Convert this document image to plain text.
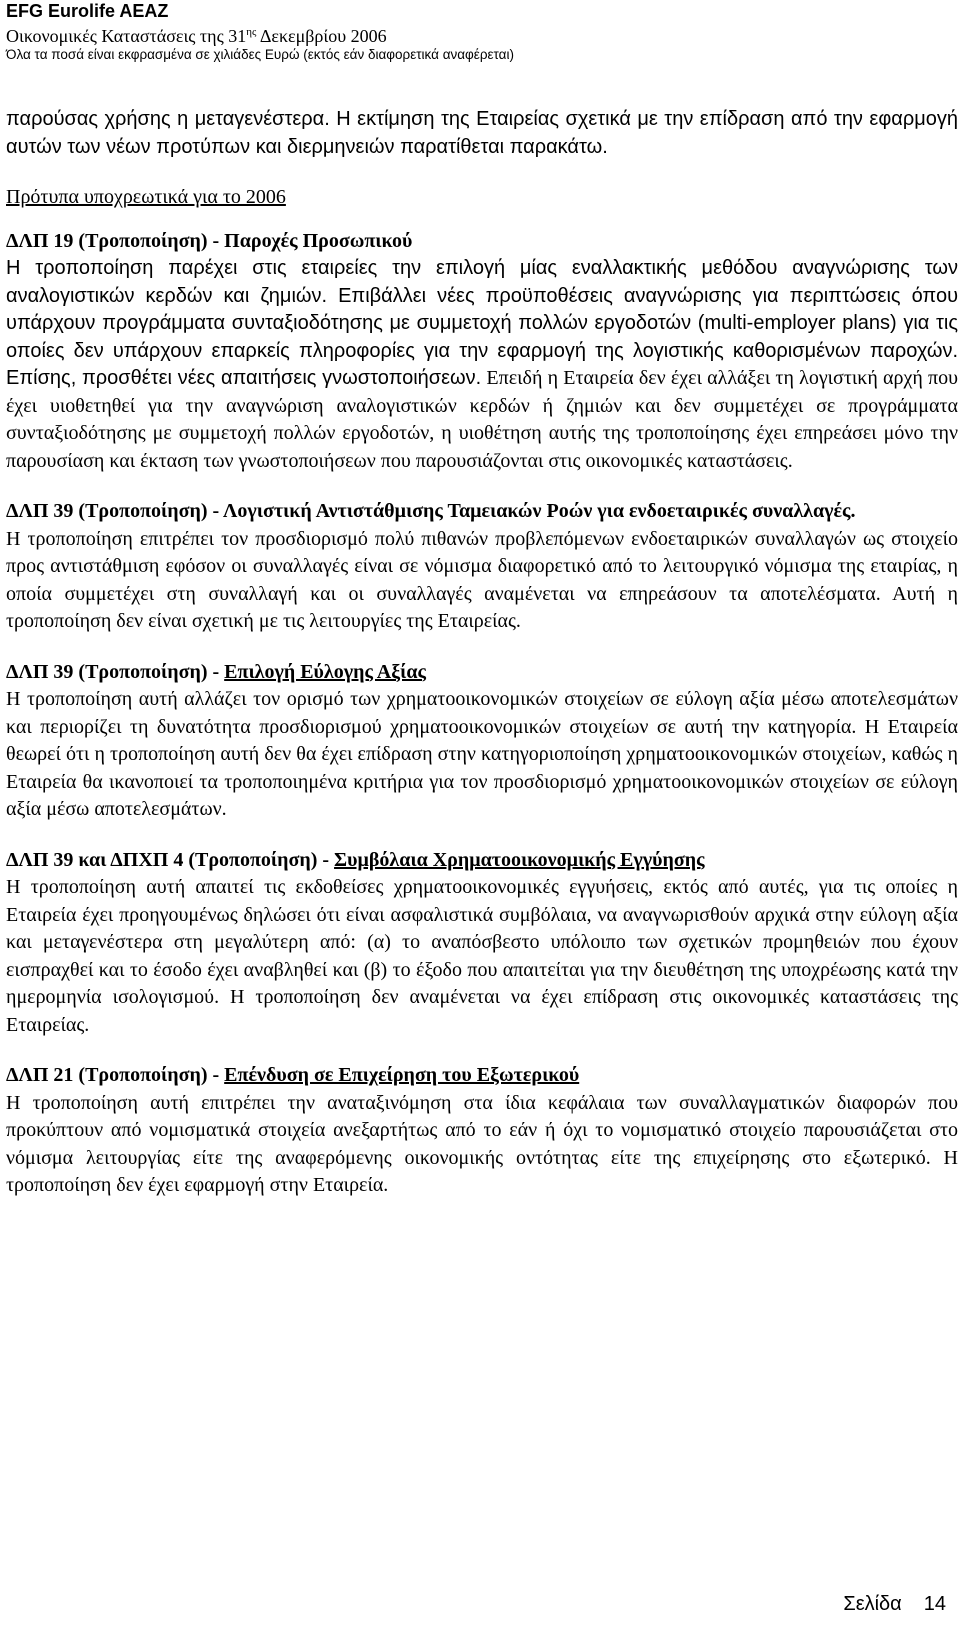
EFG Eurolife AEAZ
Οικονομικές Καταστάσεις της $31^{\eta\varsigma}$ Δεκεμβρίου 2006
Όλα τα ποσά είναι εκφρασμένα σε χιλιάδες Ευρώ (εκτός εάν διαφορετικά αναφέρεται)

παρούσας χρήσης η μεταγενέστερα. Η εκτίμηση της Εταιρείας σχετικά με την επίδραση από την εφαρμογή αυτών των νέων προτύπων και διερμηνειών παρατίθεται παρακάτω.

Πρότυπα υποχρεωτικά για το 2006

ΔΛΠ 19 (Τροποποίηση) - Παροχές Προσωπικού

Η τροποποίηση παρέχει στις εταιρείες την επιλογή μίας εναλλακτικής μεθόδου αναγνώρισης των αναλογιστικών κερδών και ζημιών. Επιβάλλει νέες προϋποθέσεις αναγνώρισης για περιπτώσεις όπου υπάρχουν προγράμματα συνταξιοδότησης με συμμετοχή πολλών εργοδοτών (multi-employer plans) για τις οποίες δεν υπάρχουν επαρκείς πληροφορίες για την εφαρμογή της λογιστικής καθορισμένων παροχών. Επίσης, προσθέτει νέες απαιτήσεις γνωστοποιήσεων. Επειδή η Εταιρεία δεν έχει αλλάξει τη λογιστική αρχή που έχει υιοθετηθεί για την αναγνώριση αναλογιστικών κερδών ή ζημιών και δεν συμμετέχει σε προγράμματα συνταξιοδότησης με συμμετοχή πολλών εργοδοτών, η υιοθέτηση αυτής της τροποποίησης έχει επηρεάσει μόνο την παρουσίαση και έκταση των γνωστοποιήσεων που παρουσιάζονται στις οικονομικές καταστάσεις.

ΔΛΠ 39 (Τροποποίηση) - Λογιστική Αντιστάθμισης Ταμειακών Ροών για ενδοεταιρικές συναλλαγές.

Η τροποποίηση επιτρέπει τον προσδιορισμό πολύ πιθανών προβλεπόμενων ενδοεταιρικών συναλλαγών ως στοιχείο προς αντιστάθμιση εφόσον οι συναλλαγές είναι σε νόμισμα διαφορετικό από το λειτουργικό νόμισμα της εταιρίας, η οποία συμμετέχει στη συναλλαγή και οι συναλλαγές αναμένεται να επηρεάσουν τα αποτελέσματα. Αυτή η τροποποίηση δεν είναι σχετική με τις λειτουργίες της Εταιρείας.

ΔΛΠ 39 (Τροποποίηση) - Επιλογή Εύλογης Αξίας

Η τροποποίηση αυτή αλλάζει τον ορισμό των χρηματοοικονομικών στοιχείων σε εύλογη αξία μέσω αποτελεσμάτων και περιορίζει τη δυνατότητα προσδιορισμού χρηματοοικονομικών στοιχείων σε αυτή την κατηγορία. Η Εταιρεία θεωρεί ότι η τροποποίηση αυτή δεν θα έχει επίδραση στην κατηγοριοποίηση χρηματοοικονομικών στοιχείων, καθώς η Εταιρεία θα ικανοποιεί τα τροποποιημένα κριτήρια για τον προσδιορισμό χρηματοοικονομικών στοιχείων σε εύλογη αξία μέσω αποτελεσμάτων.

ΔΛΠ 39 και ΔΠΧΠ 4 (Τροποποίηση) - Συμβόλαια Χρηματοοικονομικής Εγγύησης

Η τροποποίηση αυτή απαιτεί τις εκδοθείσες χρηματοοικονομικές εγγυήσεις, εκτός από αυτές, για τις οποίες η Εταιρεία έχει προηγουμένως δηλώσει ότι είναι ασφαλιστικά συμβόλαια, να αναγνωρισθούν αρχικά στην εύλογη αξία και μεταγενέστερα στη μεγαλύτερη από: (α) το αναπόσβεστο υπόλοιπο των σχετικών προμηθειών που έχουν εισπραχθεί και το έσοδο έχει αναβληθεί και (β) το έξοδο που απαιτείται για την διευθέτηση της υποχρέωσης κατά την ημερομηνία ισολογισμού. Η τροποποίηση δεν αναμένεται να έχει επίδραση στις οικονομικές καταστάσεις της Εταιρείας.

ΔΛΠ 21 (Τροποποίηση) - Επένδυση σε Επιχείρηση του Εξωτερικού

Η τροποποίηση αυτή επιτρέπει την αναταξινόμηση στα ίδια κεφάλαια των συναλλαγματικών διαφορών που προκύπτουν από νομισματικά στοιχεία ανεξαρτήτως από το εάν ή όχι το νομισματικό στοιχείο παρουσιάζεται στο νόμισμα λειτουργίας είτε της αναφερόμενης οικονομικής οντότητας είτε της επιχείρησης στο εξωτερικό. Η τροποποίηση δεν έχει εφαρμογή στην Εταιρεία.

Σελίδα 14
